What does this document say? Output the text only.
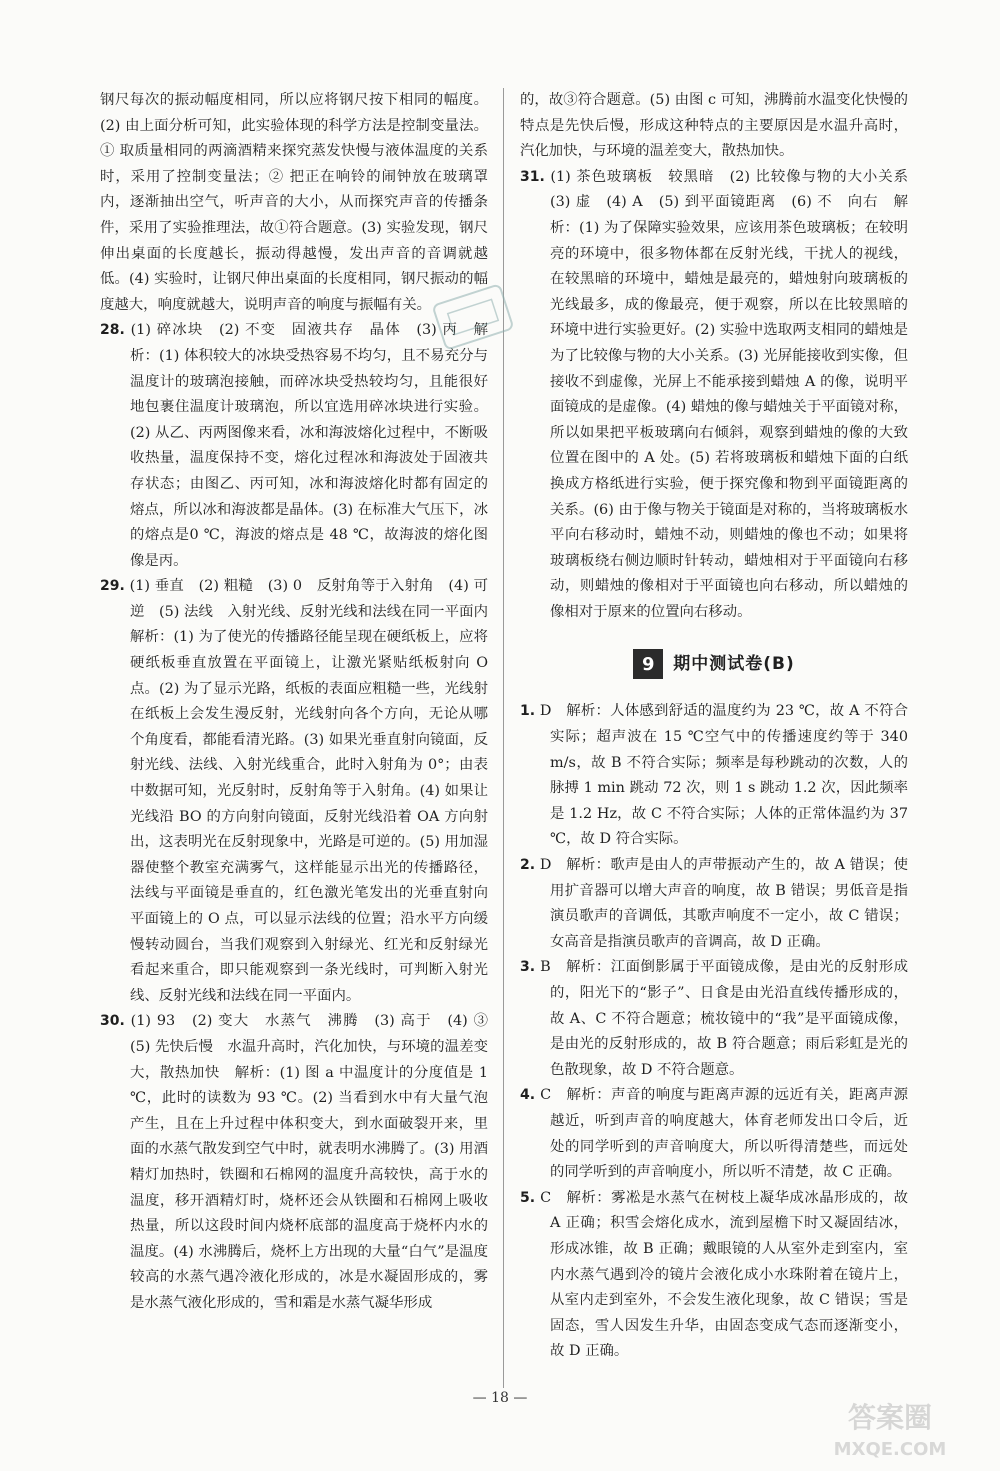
钢尺每次的振动幅度相同，所以应将钢尺按下相同的幅度。(2) 由上面分析可知，此实验体现的科学方法是控制变量法。① 取质量相同的两滴酒精来探究蒸发快慢与液体温度的关系时，采用了控制变量法；② 把正在响铃的闹钟放在玻璃罩内，逐渐抽出空气，听声音的大小，从而探究声音的传播条件，采用了实验推理法，故①符合题意。(3) 实验发现，钢尺伸出桌面的长度越长，振动得越慢，发出声音的音调就越低。(4) 实验时，让钢尺伸出桌面的长度相同，钢尺振动的幅度越大，响度就越大，说明声音的响度与振幅有关。

28. (1) 碎冰块　(2) 不变　固液共存　晶体　(3) 丙　解析：(1) 体积较大的冰块受热容易不均匀，且不易充分与温度计的玻璃泡接触，而碎冰块受热较均匀，且能很好地包裹住温度计玻璃泡，所以宜选用碎冰块进行实验。(2) 从乙、丙两图像来看，冰和海波熔化过程中，不断吸收热量，温度保持不变，熔化过程冰和海波处于固液共存状态；由图乙、丙可知，冰和海波熔化时都有固定的熔点，所以冰和海波都是晶体。(3) 在标准大气压下，冰的熔点是0 ℃，海波的熔点是 48 ℃，故海波的熔化图像是丙。
29. (1) 垂直　(2) 粗糙　(3) 0　反射角等于入射角　(4) 可逆　(5) 法线　入射光线、反射光线和法线在同一平面内　解析：(1) 为了使光的传播路径能呈现在硬纸板上，应将硬纸板垂直放置在平面镜上，让激光紧贴纸板射向 O 点。(2) 为了显示光路，纸板的表面应粗糙一些，光线射在纸板上会发生漫反射，光线射向各个方向，无论从哪个角度看，都能看清光路。(3) 如果光垂直射向镜面，反射光线、法线、入射光线重合，此时入射角为 0°；由表中数据可知，光反射时，反射角等于入射角。(4) 如果让光线沿 BO 的方向射向镜面，反射光线沿着 OA 方向射出，这表明光在反射现象中，光路是可逆的。(5) 用加湿器使整个教室充满雾气，这样能显示出光的传播路径，法线与平面镜是垂直的，红色激光笔发出的光垂直射向平面镜上的 O 点，可以显示法线的位置；沿水平方向缓慢转动圆台，当我们观察到入射绿光、红光和反射绿光看起来重合，即只能观察到一条光线时，可判断入射光线、反射光线和法线在同一平面内。
30. (1) 93　(2) 变大　水蒸气　沸腾　(3) 高于　(4) ③　(5) 先快后慢　水温升高时，汽化加快，与环境的温差变大，散热加快　解析：(1) 图 a 中温度计的分度值是 1 ℃，此时的读数为 93 ℃。(2) 当看到水中有大量气泡产生，且在上升过程中体积变大，到水面破裂开来，里面的水蒸气散发到空气中时，就表明水沸腾了。(3) 用酒精灯加热时，铁圈和石棉网的温度升高较快，高于水的温度，移开酒精灯时，烧杯还会从铁圈和石棉网上吸收热量，所以这段时间内烧杯底部的温度高于烧杯内水的温度。(4) 水沸腾后，烧杯上方出现的大量“白气”是温度较高的水蒸气遇冷液化形成的，冰是水凝固形成的，雾是水蒸气液化形成的，雪和霜是水蒸气凝华形成

的，故③符合题意。(5) 由图 c 可知，沸腾前水温变化快慢的特点是先快后慢，形成这种特点的主要原因是水温升高时，汽化加快，与环境的温差变大，散热加快。

31. (1) 茶色玻璃板　较黑暗　(2) 比较像与物的大小关系　(3) 虚　(4) A　(5) 到平面镜距离　(6) 不　向右　解析：(1) 为了保障实验效果，应该用茶色玻璃板；在较明亮的环境中，很多物体都在反射光线，干扰人的视线，在较黑暗的环境中，蜡烛是最亮的，蜡烛射向玻璃板的光线最多，成的像最亮，便于观察，所以在比较黑暗的环境中进行实验更好。(2) 实验中选取两支相同的蜡烛是为了比较像与物的大小关系。(3) 光屏能接收到实像，但接收不到虚像，光屏上不能承接到蜡烛 A 的像，说明平面镜成的是虚像。(4) 蜡烛的像与蜡烛关于平面镜对称，所以如果把平板玻璃向右倾斜，观察到蜡烛的像的大致位置在图中的 A 处。(5) 若将玻璃板和蜡烛下面的白纸换成方格纸进行实验，便于探究像和物到平面镜距离的关系。(6) 由于像与物关于镜面是对称的，当将玻璃板水平向右移动时，蜡烛不动，则蜡烛的像也不动；如果将玻璃板绕右侧边顺时针转动，蜡烛相对于平面镜向右移动，则蜡烛的像相对于平面镜也向右移动，所以蜡烛的像相对于原来的位置向右移动。
9	期中测试卷(B)
1. D　解析：人体感到舒适的温度约为 23 ℃，故 A 不符合实际；超声波在 15 ℃空气中的传播速度约等于 340 m/s，故 B 不符合实际；频率是每秒跳动的次数，人的脉搏 1 min 跳动 72 次，则 1 s 跳动 1.2 次，因此频率是 1.2 Hz，故 C 不符合实际；人体的正常体温约为 37 ℃，故 D 符合实际。
2. D　解析：歌声是由人的声带振动产生的，故 A 错误；使用扩音器可以增大声音的响度，故 B 错误；男低音是指演员歌声的音调低，其歌声响度不一定小，故 C 错误；女高音是指演员歌声的音调高，故 D 正确。
3. B　解析：江面倒影属于平面镜成像，是由光的反射形成的，阳光下的“影子”、日食是由光沿直线传播形成的，故 A、C 不符合题意；梳妆镜中的“我”是平面镜成像，是由光的反射形成的，故 B 符合题意；雨后彩虹是光的色散现象，故 D 不符合题意。
4. C　解析：声音的响度与距离声源的远近有关，距离声源越近，听到声音的响度越大，体育老师发出口令后，近处的同学听到的声音响度大，所以听得清楚些，而远处的同学听到的声音响度小，所以听不清楚，故 C 正确。
5. C　解析：雾凇是水蒸气在树枝上凝华成冰晶形成的，故 A 正确；积雪会熔化成水，流到屋檐下时又凝固结冰，形成冰锥，故 B 正确；戴眼镜的人从室外走到室内，室内水蒸气遇到冷的镜片会液化成小水珠附着在镜片上，从室内走到室外，不会发生液化现象，故 C 错误；雪是固态，雪人因发生升华，由固态变成气态而逐渐变小，故 D 正确。
— 18 —
答案圈
MXQE.COM
